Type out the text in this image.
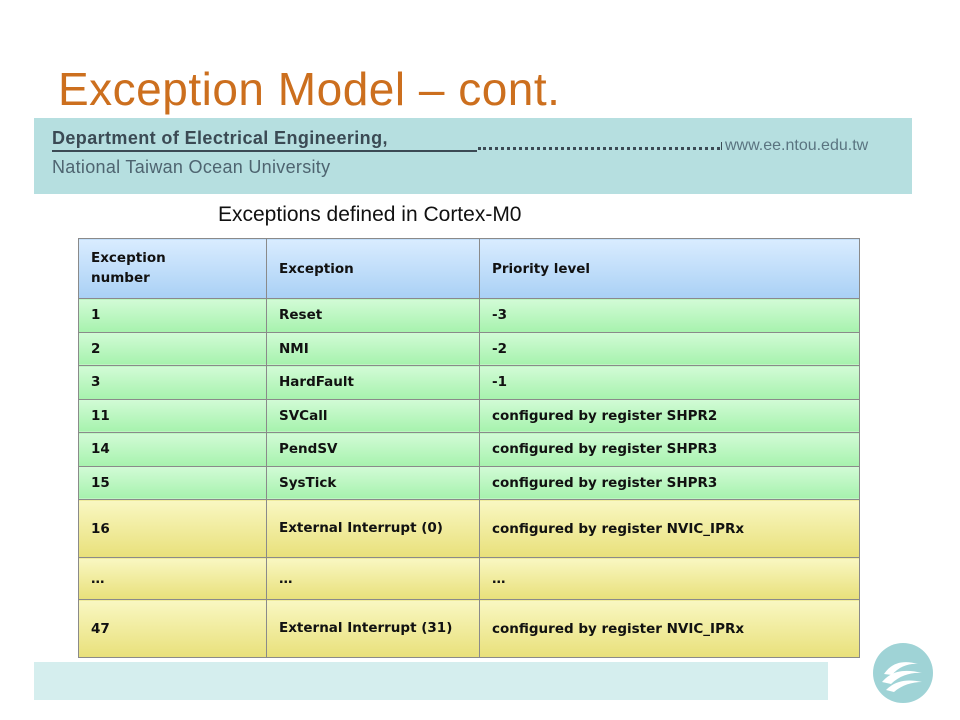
Exception Model – cont.
Department of Electrical Engineering,	www.ee.ntou.edu.tw
National Taiwan Ocean University
Exceptions defined in Cortex-M0
Exception number	Exception	Priority level
1	Reset	-3
2	NMI	-2
3	HardFault	-1
11	SVCall	configured by register SHPR2
14	PendSV	configured by register SHPR3
15	SysTick	configured by register SHPR3
16	External Interrupt (0)	configured by register NVIC_IPRx
…	…	…
47	External Interrupt (31)	configured by register NVIC_IPRx
